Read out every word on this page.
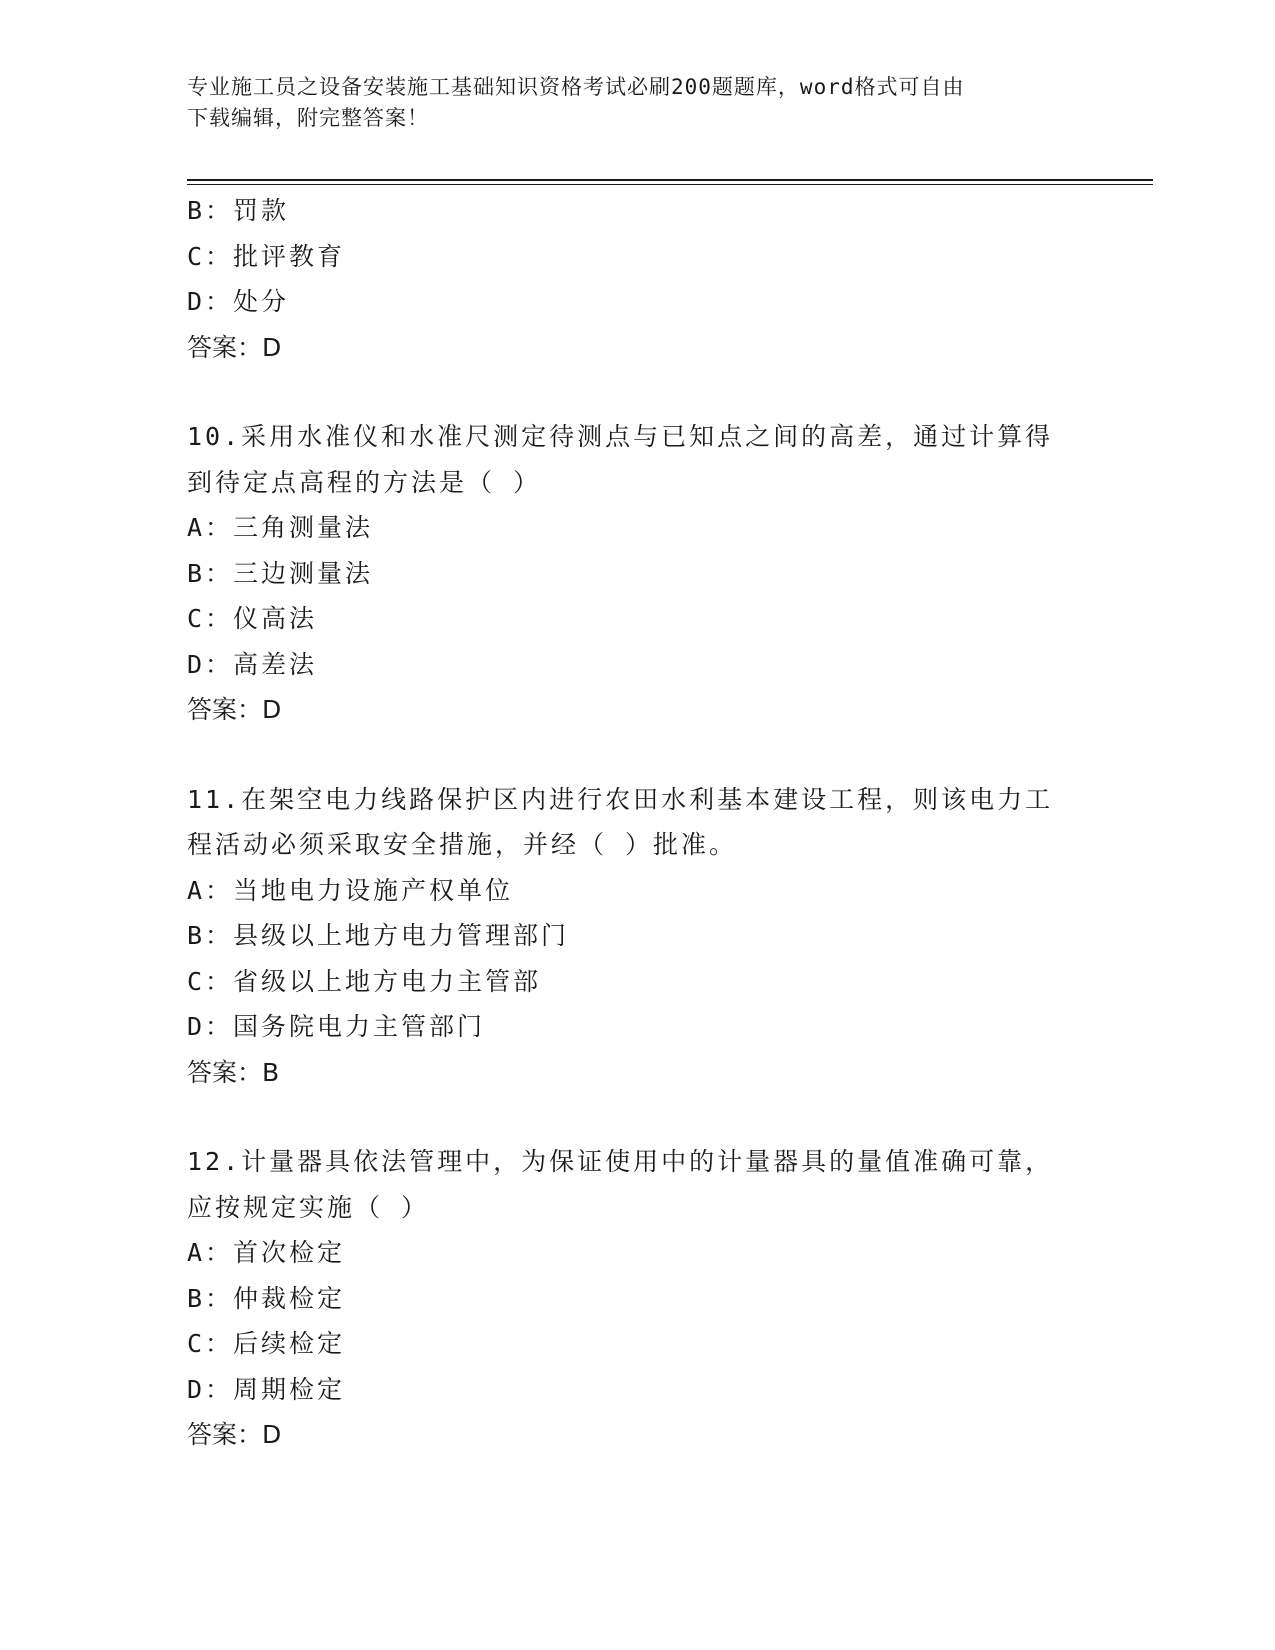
专业施工员之设备安装施工基础知识资格考试必刷200题题库，word格式可自由
下载编辑，附完整答案！

B：罚款

C：批评教育

D：处分

答案：D

10.采用水准仪和水准尺测定待测点与已知点之间的高差，通过计算得
到待定点高程的方法是（ ）

A：三角测量法

B：三边测量法

C：仪高法

D：高差法

答案：D

11.在架空电力线路保护区内进行农田水利基本建设工程，则该电力工
程活动必须采取安全措施，并经（ ）批准。

A：当地电力设施产权单位

B：县级以上地方电力管理部门

C：省级以上地方电力主管部

D：国务院电力主管部门

答案：B

12.计量器具依法管理中，为保证使用中的计量器具的量值准确可靠，
应按规定实施（ ）

A：首次检定

B：仲裁检定

C：后续检定

D：周期检定

答案：D
